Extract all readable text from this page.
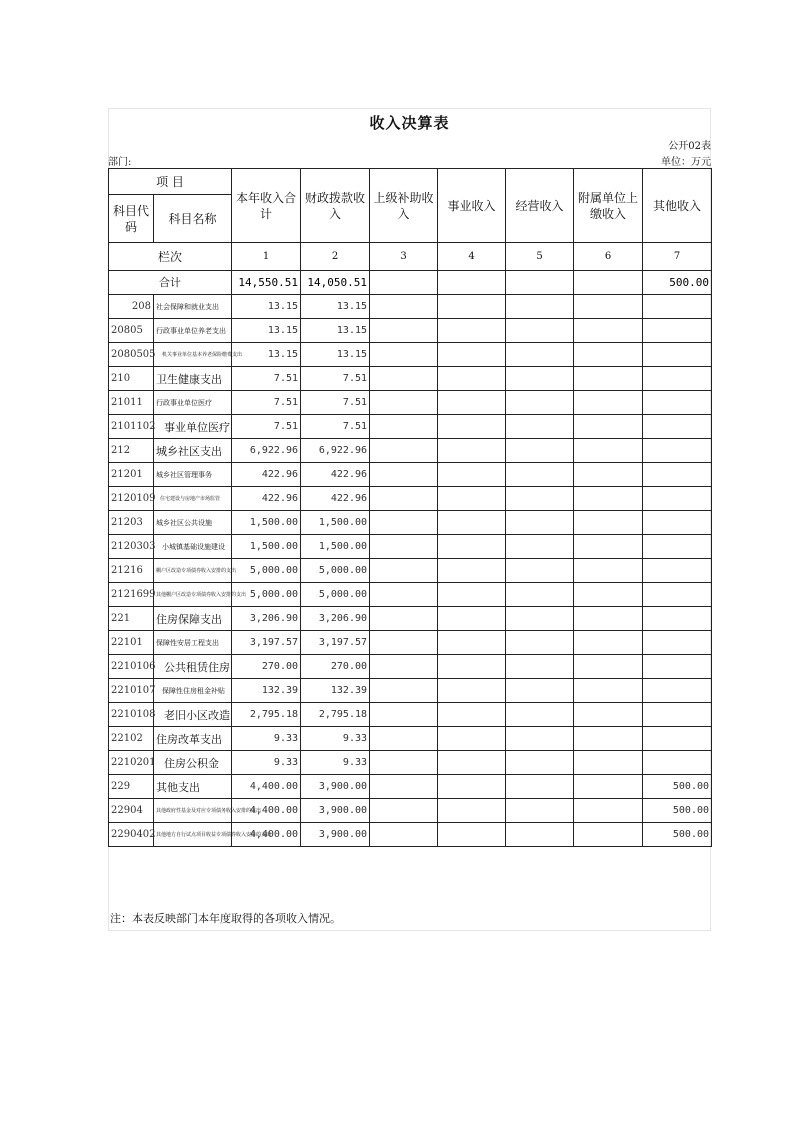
收入决算表
公开02表
部门:	单位：万元
项 目		本年收入合计	财政拨款收入	上级补助收入	事业收入	经营收入	附属单位上缴收入	其他收入
科目代码	科目名称							
栏次		1	2	3	4	5	6	7
合计		14,550.51	14,050.51					500.00
208	社会保障和就业支出	13.15	13.15					
20805	行政事业单位养老支出	13.15	13.15					
2080505	机关事业单位基本养老保险缴费支出	13.15	13.15					
210	卫生健康支出	7.51	7.51					
21011	行政事业单位医疗	7.51	7.51					
2101102	事业单位医疗	7.51	7.51					
212	城乡社区支出	6,922.96	6,922.96					
21201	城乡社区管理事务	422.96	422.96					
2120109	住宅建设与房地产市场监管	422.96	422.96					
21203	城乡社区公共设施	1,500.00	1,500.00					
2120303	小城镇基础设施建设	1,500.00	1,500.00					
21216	棚户区改造专项债券收入安排的支出	5,000.00	5,000.00					
2121699	其他棚户区改造专项债券收入安排的支出	5,000.00	5,000.00					
221	住房保障支出	3,206.90	3,206.90					
22101	保障性安居工程支出	3,197.57	3,197.57					
2210106	公共租赁住房	270.00	270.00					
2210107	保障性住房租金补贴	132.39	132.39					
2210108	老旧小区改造	2,795.18	2,795.18					
22102	住房改革支出	9.33	9.33					
2210201	住房公积金	9.33	9.33					
229	其他支出	4,400.00	3,900.00					500.00
22904	其他政府性基金及对应专项债务收入安排的支出	4,400.00	3,900.00					500.00
2290402	其他地方自行试点项目收益专项债券收入安排的支出	4,400.00	3,900.00					500.00
注：本表反映部门本年度取得的各项收入情况。
